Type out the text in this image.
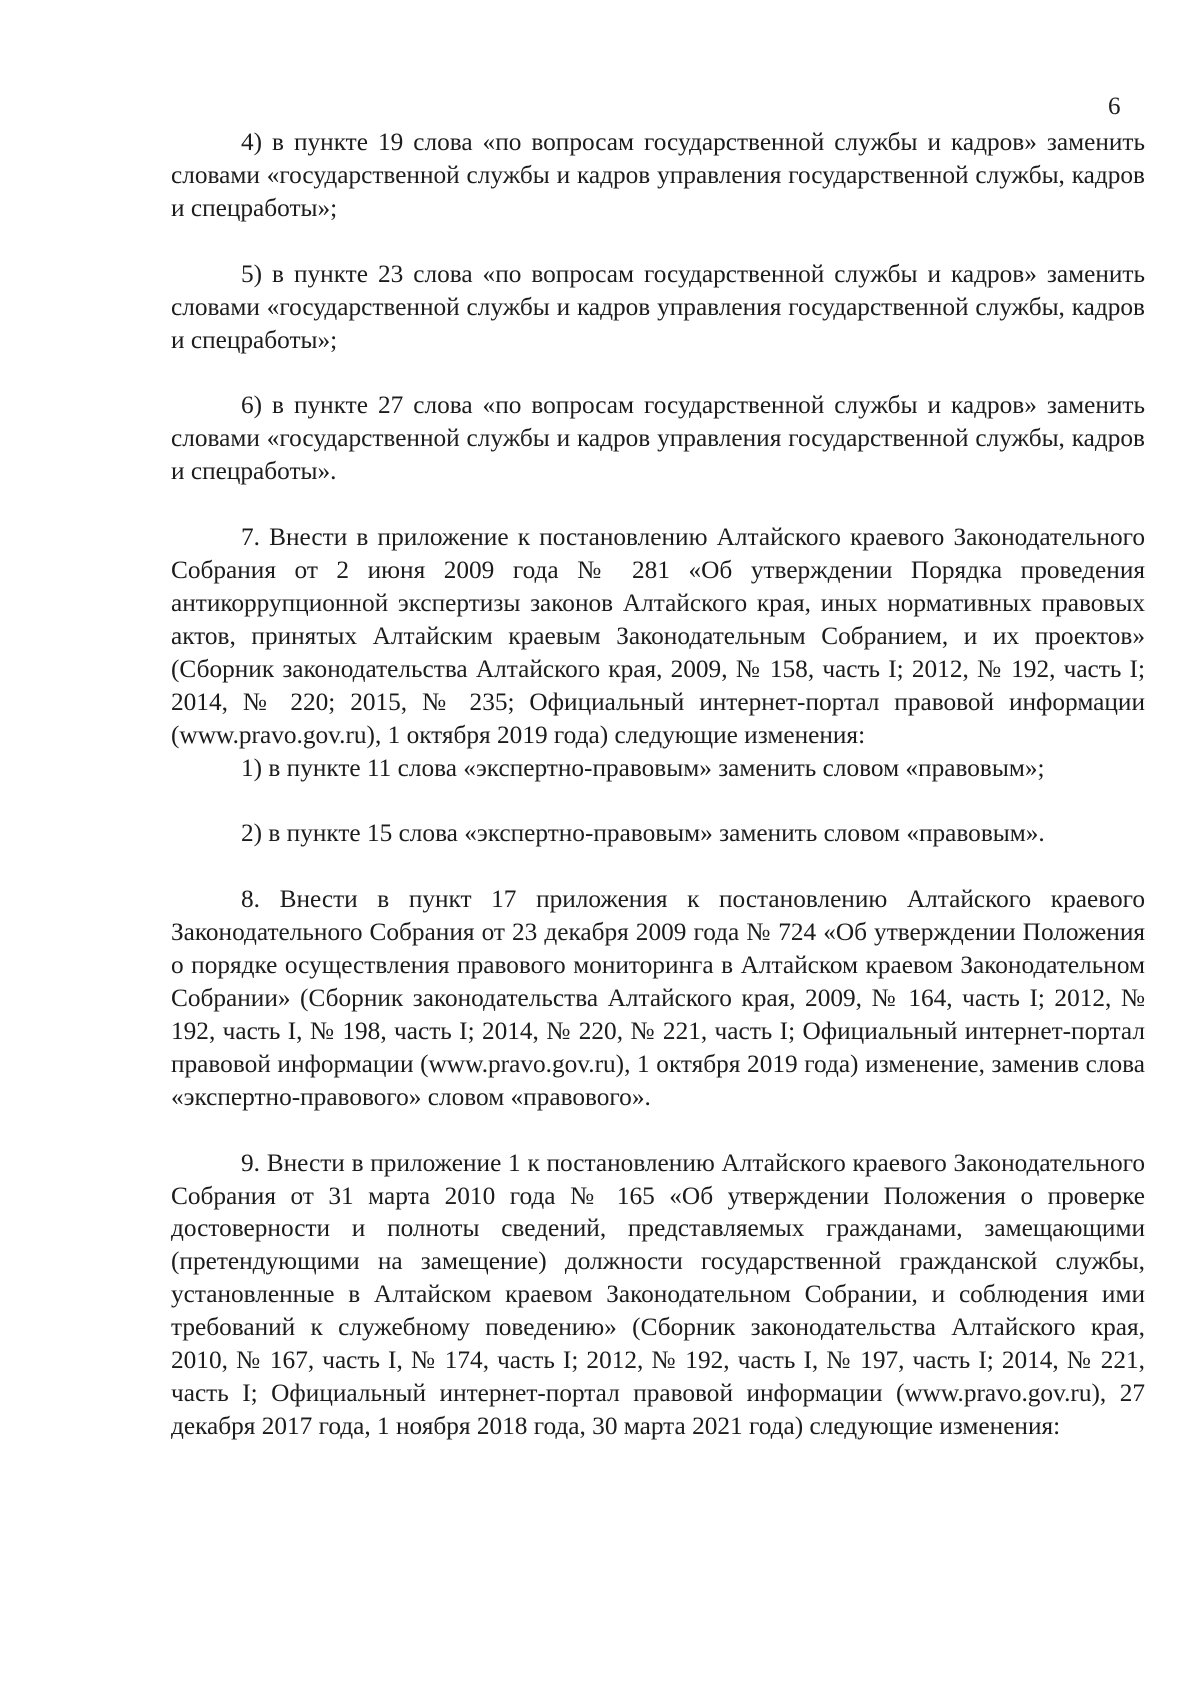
6

4) в пункте 19 слова «по вопросам государственной службы и кадров» заменить словами «государственной службы и кадров управления государственной службы, кадров и спецработы»;

5) в пункте 23 слова «по вопросам государственной службы и кадров» заменить словами «государственной службы и кадров управления государственной службы, кадров и спецработы»;

6) в пункте 27 слова «по вопросам государственной службы и кадров» заменить словами «государственной службы и кадров управления государственной службы, кадров и спецработы».

7. Внести в приложение к постановлению Алтайского краевого Законодательного Собрания от 2 июня 2009 года № 281 «Об утверждении Порядка проведения антикоррупционной экспертизы законов Алтайского края, иных нормативных правовых актов, принятых Алтайским краевым Законодательным Собранием, и их проектов» (Сборник законодательства Алтайского края, 2009, № 158, часть I; 2012, № 192, часть I; 2014, № 220; 2015, № 235; Официальный интернет-портал правовой информации (www.pravo.gov.ru), 1 октября 2019 года) следующие изменения:

1) в пункте 11 слова «экспертно-правовым» заменить словом «правовым»;

2) в пункте 15 слова «экспертно-правовым» заменить словом «правовым».

8. Внести в пункт 17 приложения к постановлению Алтайского краевого Законодательного Собрания от 23 декабря 2009 года № 724 «Об утверждении Положения о порядке осуществления правового мониторинга в Алтайском краевом Законодательном Собрании» (Сборник законодательства Алтайского края, 2009, № 164, часть I; 2012, № 192, часть I, № 198, часть I; 2014, № 220, № 221, часть I; Официальный интернет-портал правовой информации (www.pravo.gov.ru), 1 октября 2019 года) изменение, заменив слова «экспертно-правового» словом «правового».

9. Внести в приложение 1 к постановлению Алтайского краевого Законодательного Собрания от 31 марта 2010 года № 165 «Об утверждении Положения о проверке достоверности и полноты сведений, представляемых гражданами, замещающими (претендующими на замещение) должности государственной гражданской службы, установленные в Алтайском краевом Законодательном Собрании, и соблюдения ими требований к служебному поведению» (Сборник законодательства Алтайского края, 2010, № 167, часть I, № 174, часть I; 2012, № 192, часть I, № 197, часть I; 2014, № 221, часть I; Официальный интернет-портал правовой информации (www.pravo.gov.ru), 27 декабря 2017 года, 1 ноября 2018 года, 30 марта 2021 года) следующие изменения:
